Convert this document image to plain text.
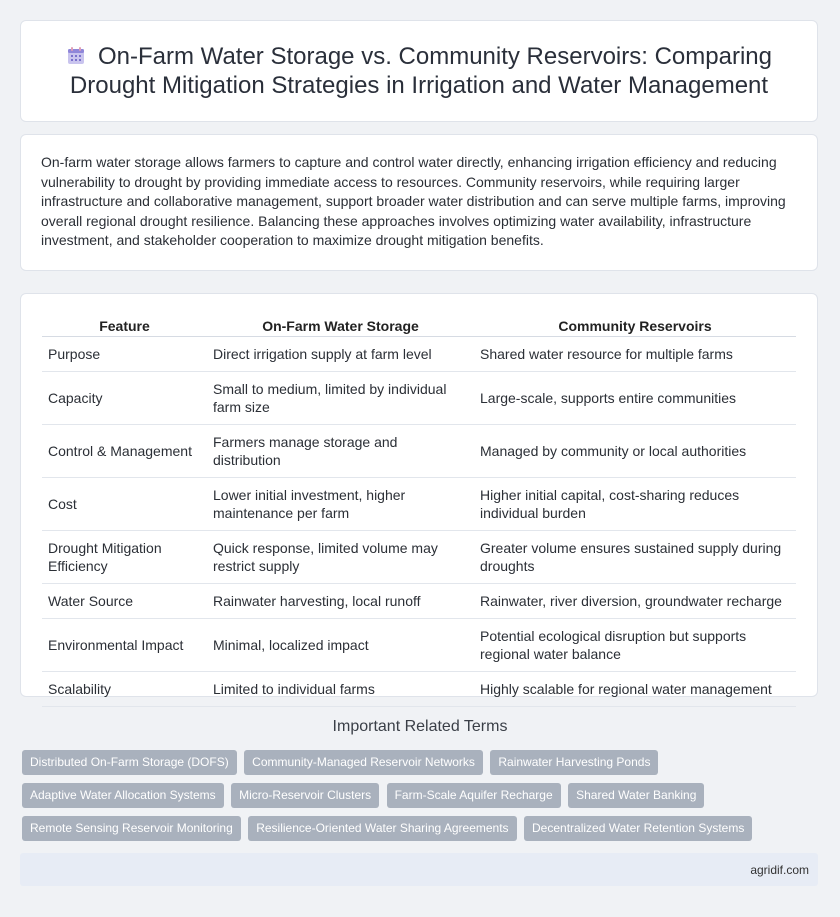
On-Farm Water Storage vs. Community Reservoirs: Comparing Drought Mitigation Strategies in Irrigation and Water Management

On-farm water storage allows farmers to capture and control water directly, enhancing irrigation efficiency and reducing vulnerability to drought by providing immediate access to resources. Community reservoirs, while requiring larger infrastructure and collaborative management, support broader water distribution and can serve multiple farms, improving overall regional drought resilience. Balancing these approaches involves optimizing water availability, infrastructure investment, and stakeholder cooperation to maximize drought mitigation benefits.

Feature	On-Farm Water Storage	Community Reservoirs
Purpose	Direct irrigation supply at farm level	Shared water resource for multiple farms
Capacity	Small to medium, limited by individual farm size	Large-scale, supports entire communities
Control & Management	Farmers manage storage and distribution	Managed by community or local authorities
Cost	Lower initial investment, higher maintenance per farm	Higher initial capital, cost-sharing reduces individual burden
Drought Mitigation Efficiency	Quick response, limited volume may restrict supply	Greater volume ensures sustained supply during droughts
Water Source	Rainwater harvesting, local runoff	Rainwater, river diversion, groundwater recharge
Environmental Impact	Minimal, localized impact	Potential ecological disruption but supports regional water balance
Scalability	Limited to individual farms	Highly scalable for regional water management
Important Related Terms
Distributed On-Farm Storage (DOFS) Community-Managed Reservoir Networks Rainwater Harvesting Ponds Adaptive Water Allocation Systems Micro-Reservoir Clusters Farm-Scale Aquifer Recharge Shared Water Banking Remote Sensing Reservoir Monitoring Resilience-Oriented Water Sharing Agreements Decentralized Water Retention Systems
agridif.com
